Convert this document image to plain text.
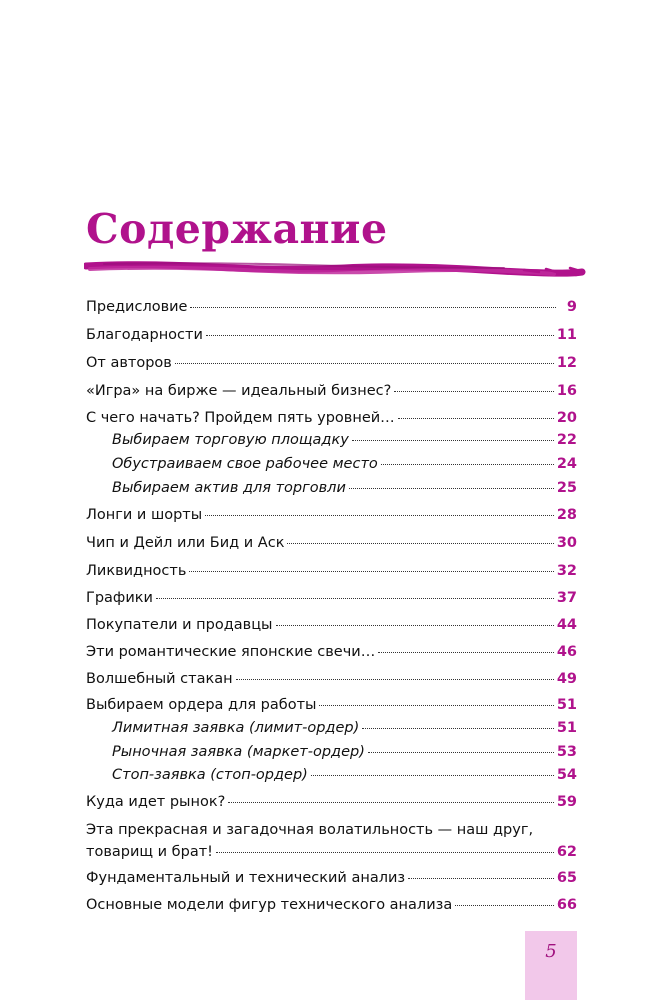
Содержание
Предисловие	9
Благодарности	11
От авторов	12
«Игра» на бирже — идеальный бизнес?	16
С чего начать? Пройдем пять уровней…	20
Выбираем торговую площадку	22
Обустраиваем свое рабочее место	24
Выбираем актив для торговли	25
Лонги и шорты	28
Чип и Дейл или Бид и Аск	30
Ликвидность	32
Графики	37
Покупатели и продавцы	44
Эти романтические японские свечи…	46
Волшебный стакан	49
Выбираем ордера для работы	51
Лимитная заявка (лимит-ордер)	51
Рыночная заявка (маркет-ордер)	53
Стоп-заявка (стоп-ордер)	54
Куда идет рынок?	59
Эта прекрасная и загадочная волатильность — наш друг,
товарищ и брат!	62
Фундаментальный и технический анализ	65
Основные модели фигур технического анализа	66
5
